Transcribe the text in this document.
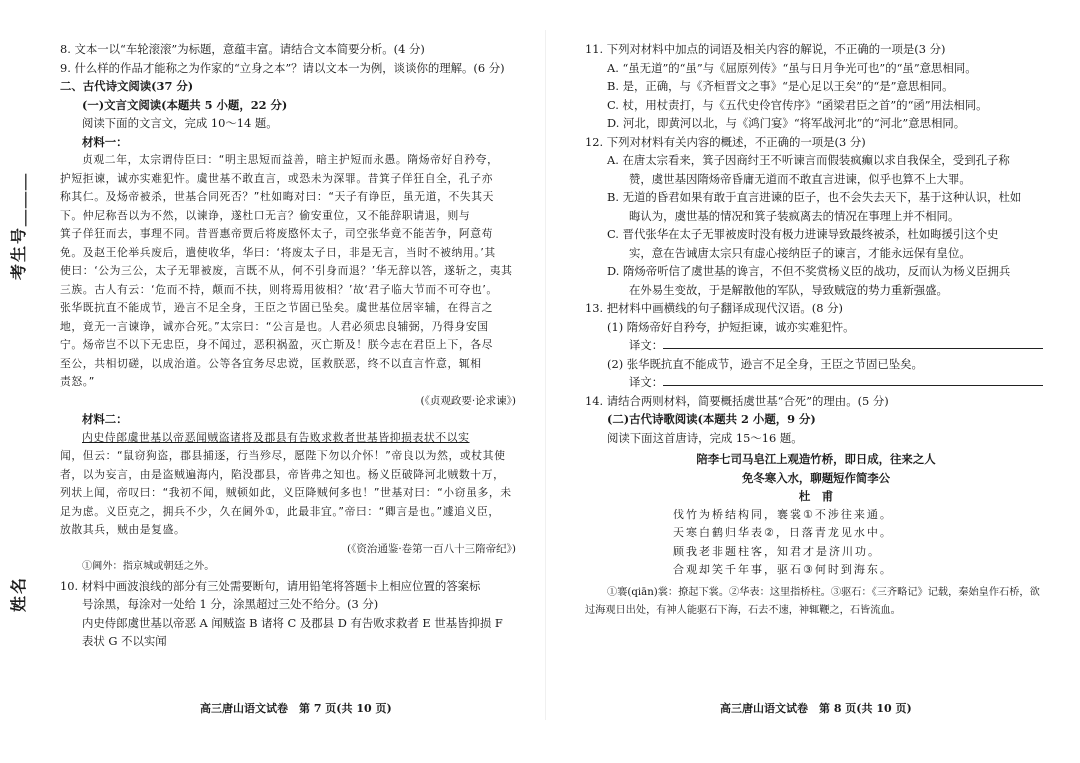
考生号＿＿＿
姓名
8. 文本一以“车轮滚滚”为标题，意蕴丰富。请结合文本简要分析。(4 分)
9. 什么样的作品才能称之为作家的“立身之本”？请以文本一为例，谈谈你的理解。(6 分)
二、古代诗文阅读(37 分)
(一)文言文阅读(本题共 5 小题，22 分)
阅读下面的文言文，完成 10～14 题。
材料一：
贞观二年，太宗谓侍臣曰：“明主思短而益善，暗主护短而永愚。隋炀帝好自矜夸，
护短拒谏，诚亦实难犯忤。虞世基不敢直言，或恐未为深罪。昔箕子佯狂自全，孔子亦
称其仁。及炀帝被杀，世基合同死否？”杜如晦对曰：“天子有诤臣，虽无道，不失其天
下。仲尼称吾以为不然，以谏诤，遂杜口无言？偷安重位，又不能辞职请退，则与
箕子佯狂而去，事理不同。昔晋惠帝贾后将废愍怀太子，司空张华竟不能苦争，阿意苟
免。及赵王伦举兵废后，遣使收华，华曰：‘将废太子日，非是无言，当时不被纳用。’其
使曰：‘公为三公，太子无罪被废，言既不从，何不引身而退？’华无辞以答，遂斩之，夷其
三族。古人有云：‘危而不持，颠而不扶，则将焉用彼相？’故‘君子临大节而不可夺也’。
张华既抗直不能成节，逊言不足全身，王臣之节固已坠矣。虞世基位居宰辅，在得言之
地，竟无一言谏诤，诚亦合死。”太宗曰：“公言是也。人君必须忠良辅弼，乃得身安国
宁。炀帝岂不以下无忠臣，身不闻过，恶积祸盈，灭亡斯及！朕今志在君臣上下，各尽
至公，共相切磋，以成治道。公等各宜务尽忠谠，匡救朕恶，终不以直言忤意，辄相
责怒。”
(《贞观政要·论求谏》)
材料二：
内史侍郎虞世基以帝恶闻贼盗诸将及郡县有告败求救者世基皆抑损表状不以实
闻，但云：“鼠窃狗盗，郡县捕逐，行当殄尽，愿陛下勿以介怀！”帝良以为然，或杖其使
者，以为妄言，由是盗贼遍海内，陷没郡县，帝皆弗之知也。杨义臣破降河北贼数十万，
列状上闻，帝叹曰：“我初不闻，贼顿如此，义臣降贼何多也！”世基对曰：“小窃虽多，未
足为虑。义臣克之，拥兵不少，久在阃外①，此最非宜。”帝曰：“卿言是也。”遽追义臣，
放散其兵，贼由是复盛。
(《资治通鉴·卷第一百八十三隋帝纪》)
①阃外：指京城或朝廷之外。
10. 材料中画波浪线的部分有三处需要断句，请用铅笔将答题卡上相应位置的答案标
号涂黑，每涂对一处给 1 分，涂黑超过三处不给分。(3 分)
内史侍郎虞世基以帝恶 A 闻贼盗 B 诸将 C 及郡县 D 有告败求救者 E 世基皆抑损 F
表状 G 不以实闻
高三唐山语文试卷　第 7 页(共 10 页)
11. 下列对材料中加点的词语及相关内容的解说，不正确的一项是(3 分)
A. “虽无道”的“虽”与《屈原列传》“虽与日月争光可也”的“虽”意思相同。
B. 是，正确，与《齐桓晋文之事》“是心足以王矣”的“是”意思相同。
C. 杖，用杖责打，与《五代史伶官传序》“函梁君臣之首”的“函”用法相同。
D. 河北，即黄河以北，与《鸿门宴》“将军战河北”的“河北”意思相同。
12. 下列对材料有关内容的概述，不正确的一项是(3 分)
A. 在唐太宗看来，箕子因商纣王不听谏言而假装疯癫以求自我保全，受到孔子称
赞，虞世基因隋炀帝昏庸无道而不敢直言进谏，似乎也算不上大罪。
B. 无道的昏君如果有敢于直言进谏的臣子，也不会失去天下，基于这种认识，杜如
晦认为，虞世基的情况和箕子装疯离去的情况在事理上并不相同。
C. 晋代张华在太子无罪被废时没有极力进谏导致最终被杀，杜如晦援引这个史
实，意在告诫唐太宗只有虚心接纳臣子的谏言，才能永远保有皇位。
D. 隋炀帝听信了虞世基的谗言，不但不奖赏杨义臣的战功，反而认为杨义臣拥兵
在外易生变故，于是解散他的军队，导致贼寇的势力重新强盛。
13. 把材料中画横线的句子翻译成现代汉语。(8 分)
(1) 隋炀帝好自矜夸，护短拒谏，诚亦实难犯忤。
译文：
(2) 张华既抗直不能成节，逊言不足全身，王臣之节固已坠矣。
译文：
14. 请结合两则材料，简要概括虞世基“合死”的理由。(5 分)
(二)古代诗歌阅读(本题共 2 小题，9 分)
阅读下面这首唐诗，完成 15～16 题。
陪李七司马皂江上观造竹桥，即日成，往来之人
免冬寒入水，聊题短作简李公
杜　甫
伐竹为桥结构同，褰裳①不涉往来通。
天寒白鹤归华表②，日落青龙见水中。
顾我老非题柱客，知君才是济川功。
合观却笑千年事，驱石③何时到海东。
①褰(qiān)裳：撩起下裳。②华表：这里指桥柱。③驱石：《三齐略记》记载，秦始皇作石桥，欲
过海观日出处，有神人能驱石下海，石去不速，神辄鞭之，石皆流血。
高三唐山语文试卷　第 8 页(共 10 页)
